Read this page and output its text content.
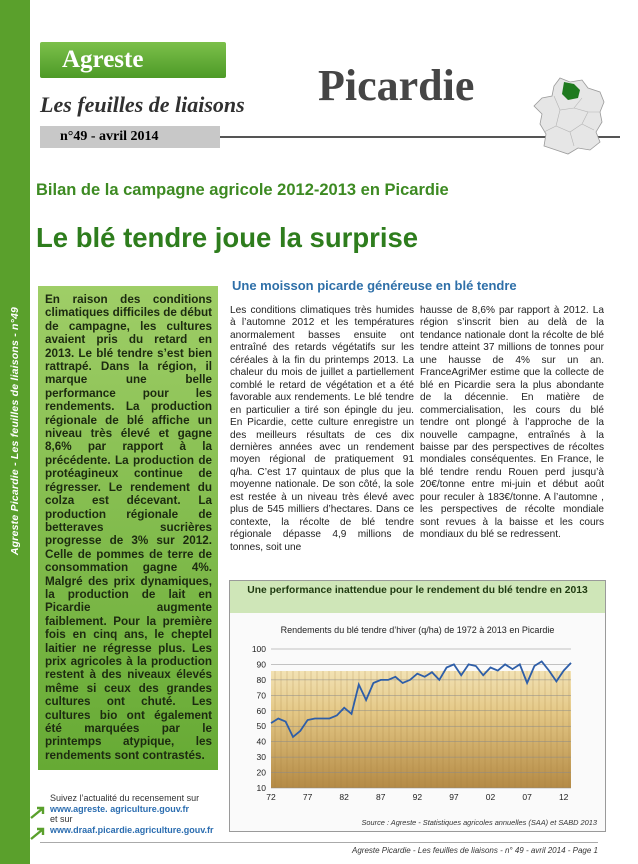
Agreste Picardie - Les feuilles de liaisons - n°49
Agreste
Les feuilles de liaisons
n°49 - avril 2014
Picardie
Bilan de la campagne agricole 2012-2013 en Picardie
Le blé tendre joue la surprise

En raison des conditions climatiques difficiles de début de campagne, les cultures avaient pris du retard en 2013. Le blé tendre s’est bien rattrapé. Dans la région, il marque une belle performance pour les rendements. La production régionale de blé affiche un niveau très élevé et gagne 8,6% par rapport à la précédente. La production de protéagineux continue de régresser. Le rendement du colza est décevant. La production régionale de betteraves sucrières progresse de 3% sur 2012. Celle de pommes de terre de consommation gagne 4%. Malgré des prix dynamiques, la production de lait en Picardie augmente faiblement. Pour la première fois en cinq ans, le cheptel laitier ne régresse plus. Les prix agricoles à la production restent à des niveaux élevés même si ceux des grandes cultures ont chuté. Les cultures bio ont également été marquées par le printemps atypique, les rendements sont contrastés.

Une moisson picarde généreuse en blé tendre

Les conditions climatiques très humides à l’automne 2012 et les températures anormalement basses ensuite ont entraîné des retards végétatifs sur les céréales à la fin du printemps 2013. La chaleur du mois de juillet a partiellement comblé le retard de végétation et a été favorable aux rendements. Le blé tendre en particulier a tiré son épingle du jeu. En Picardie, cette culture enregistre un des meilleurs résultats de ces dix dernières années avec un rendement moyen régional de pratiquement 91 q/ha. C’est 17 quintaux de plus que la moyenne nationale. De son côté, la sole est restée à un niveau très élevé avec plus de 545 milliers d’hectares. Dans ce contexte, la récolte de blé tendre régionale dépasse 4,9 millions de tonnes, soit une

hausse de 8,6% par rapport à 2012. La région s’inscrit bien au delà de la tendance nationale dont la récolte de blé tendre atteint 37 millions de tonnes pour une hausse de 4% sur un an. FranceAgriMer estime que la collecte de blé en Picardie sera la plus abondante de la décennie. En matière de commercialisation, les cours du blé tendre ont plongé à l’approche de la nouvelle campagne, entraînés à la baisse par des perspectives de récoltes mondiales conséquentes. En France, le blé tendre rendu Rouen perd jusqu’à 20€/tonne entre mi-juin et début août pour reculer à 183€/tonne. A l’automne , les perspectives de récolte mondiale sont revues à la baisse et les cours mondiaux du blé se redressent.

Une performance inattendue pour le rendement du blé tendre en 2013
Rendements du blé tendre d’hiver (q/ha) de 1972 à 2013 en Picardie
10
20
30
40
50
60
70
80
90
100
72	77	82	87	92	97	02	07	12
Source : Agreste - Statistiques agricoles annuelles (SAA) et SABD 2013
Suivez l’actualité du recensement sur
www.agreste. agriculture.gouv.fr
et sur
www.draaf.picardie.agriculture.gouv.fr
Agreste Picardie - Les feuilles de liaisons - n° 49 - avril 2014 - Page 1
